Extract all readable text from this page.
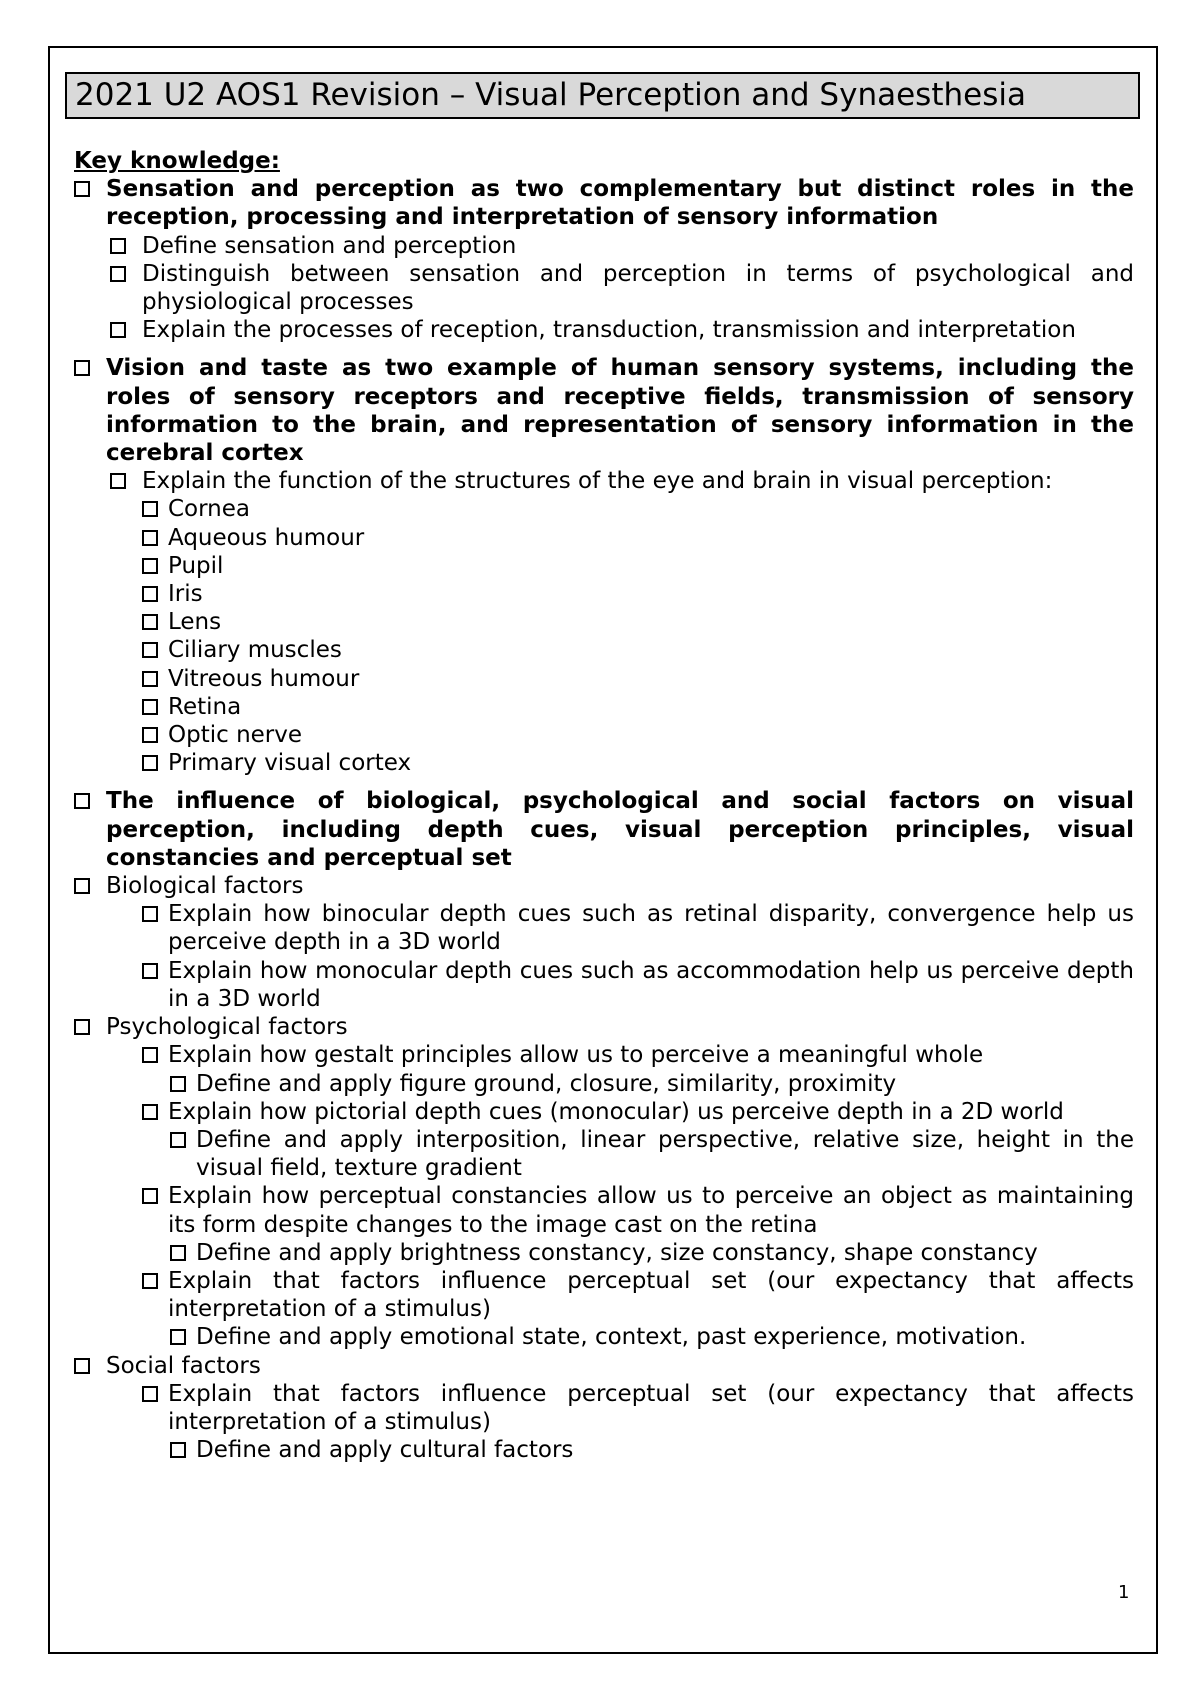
2021 U2 AOS1 Revision – Visual Perception and Synaesthesia
Key knowledge:
Sensation and perception as two complementary but distinct roles in the reception, processing and interpretation of sensory information
Define sensation and perception
Distinguish between sensation and perception in terms of psychological and physiological processes
Explain the processes of reception, transduction, transmission and interpretation
Vision and taste as two example of human sensory systems, including the roles of sensory receptors and receptive fields, transmission of sensory information to the brain, and representation of sensory information in the cerebral cortex
Explain the function of the structures of the eye and brain in visual perception:
Cornea
Aqueous humour
Pupil
Iris
Lens
Ciliary muscles
Vitreous humour
Retina
Optic nerve
Primary visual cortex
The influence of biological, psychological and social factors on visual perception, including depth cues, visual perception principles, visual constancies and perceptual set
Biological factors
Explain how binocular depth cues such as retinal disparity, convergence help us perceive depth in a 3D world
Explain how monocular depth cues such as accommodation help us perceive depth in a 3D world
Psychological factors
Explain how gestalt principles allow us to perceive a meaningful whole
Define and apply figure ground, closure, similarity, proximity
Explain how pictorial depth cues (monocular) us perceive depth in a 2D world
Define and apply interposition, linear perspective, relative size, height in the visual field, texture gradient
Explain how perceptual constancies allow us to perceive an object as maintaining its form despite changes to the image cast on the retina
Define and apply brightness constancy, size constancy, shape constancy
Explain that factors influence perceptual set (our expectancy that affects interpretation of a stimulus)
Define and apply emotional state, context, past experience, motivation.
Social factors
Explain that factors influence perceptual set (our expectancy that affects interpretation of a stimulus)
Define and apply cultural factors
1
